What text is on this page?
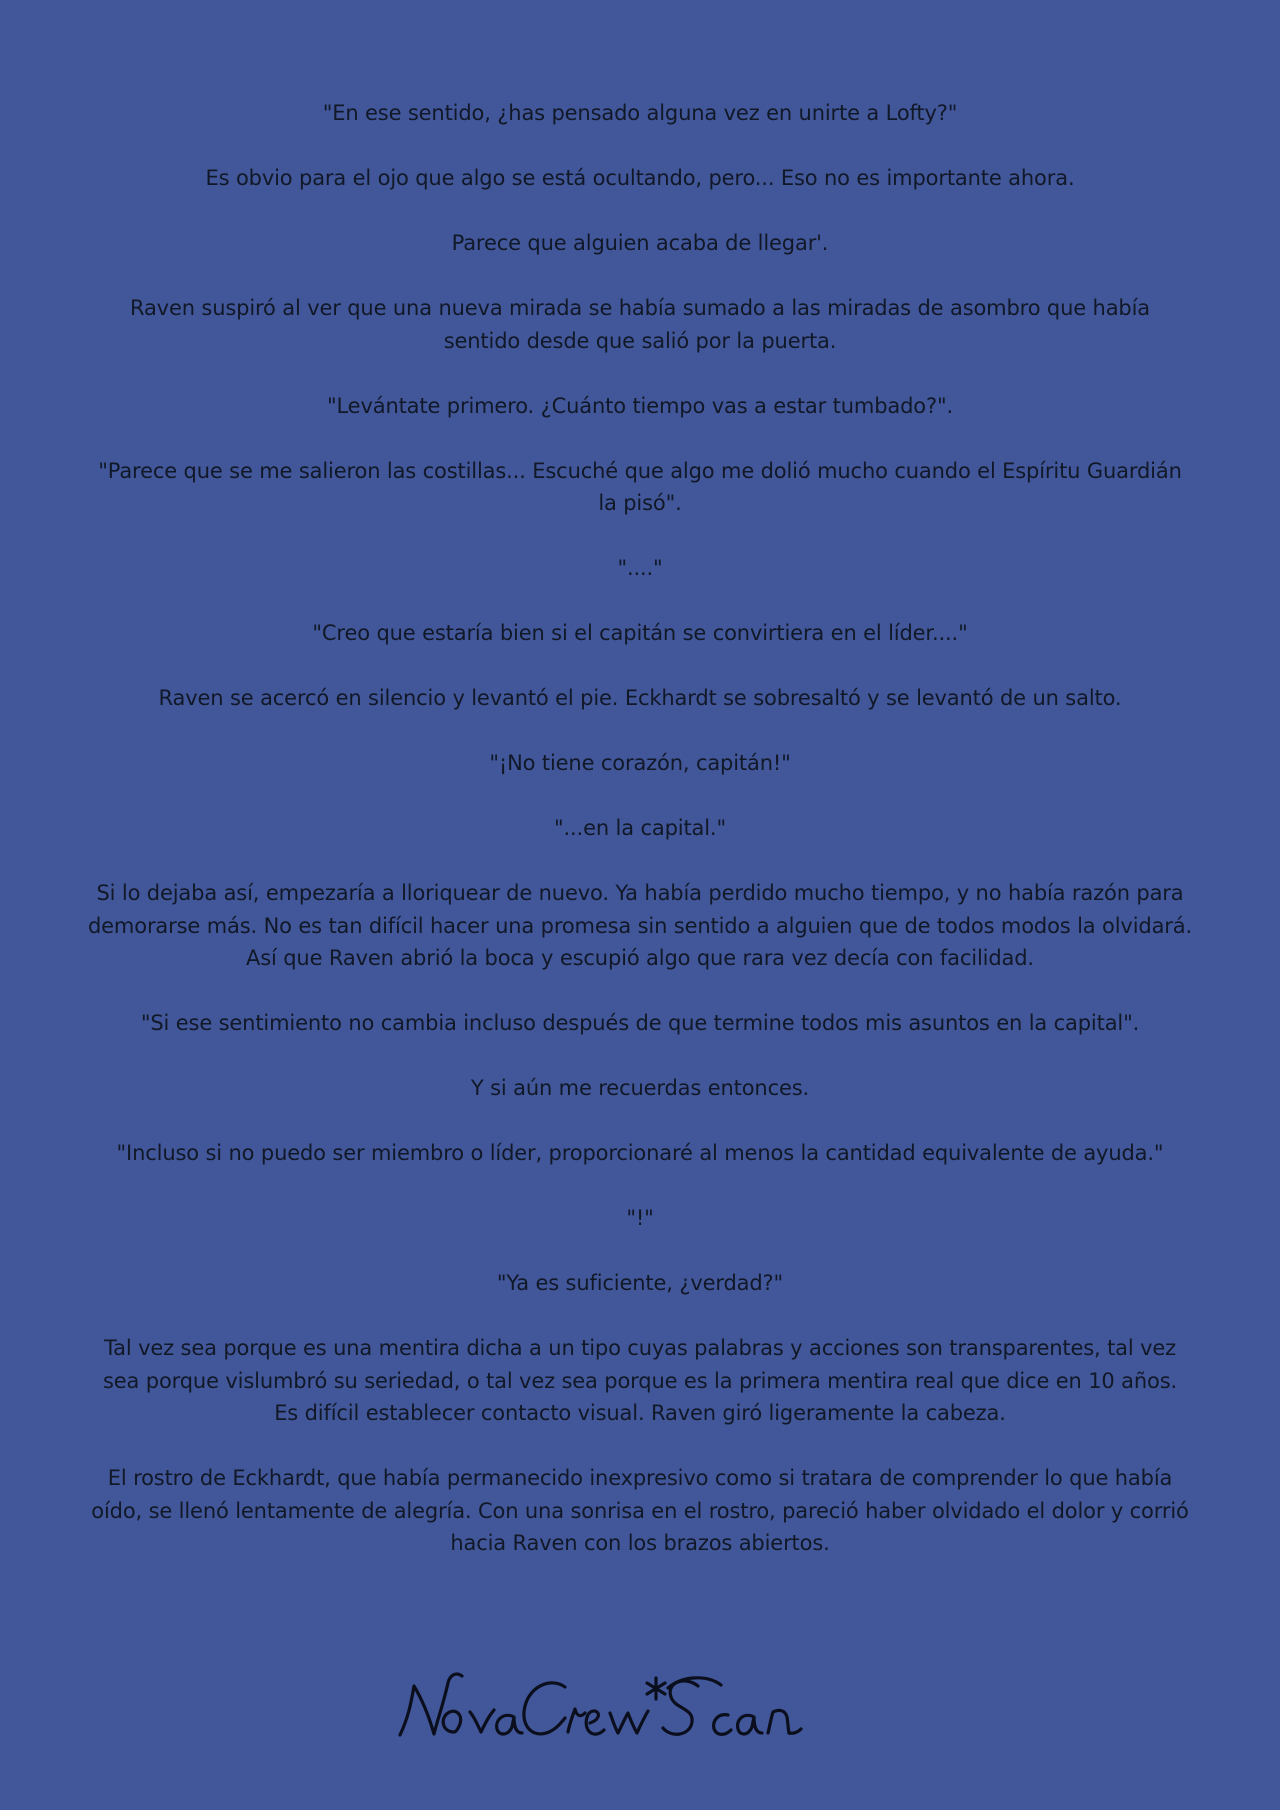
"En ese sentido, ¿has pensado alguna vez en unirte a Lofty?"

Es obvio para el ojo que algo se está ocultando, pero... Eso no es importante ahora.

Parece que alguien acaba de llegar'.

Raven suspiró al ver que una nueva mirada se había sumado a las miradas de asombro que había
sentido desde que salió por la puerta.

"Levántate primero. ¿Cuánto tiempo vas a estar tumbado?".

"Parece que se me salieron las costillas... Escuché que algo me dolió mucho cuando el Espíritu Guardián
la pisó".

"...."

"Creo que estaría bien si el capitán se convirtiera en el líder...."

Raven se acercó en silencio y levantó el pie. Eckhardt se sobresaltó y se levantó de un salto.

"¡No tiene corazón, capitán!"

"...en la capital."

Si lo dejaba así, empezaría a lloriquear de nuevo. Ya había perdido mucho tiempo, y no había razón para
demorarse más. No es tan difícil hacer una promesa sin sentido a alguien que de todos modos la olvidará.
Así que Raven abrió la boca y escupió algo que rara vez decía con facilidad.

"Si ese sentimiento no cambia incluso después de que termine todos mis asuntos en la capital".

Y si aún me recuerdas entonces.

"Incluso si no puedo ser miembro o líder, proporcionaré al menos la cantidad equivalente de ayuda."

"!"

"Ya es suficiente, ¿verdad?"

Tal vez sea porque es una mentira dicha a un tipo cuyas palabras y acciones son transparentes, tal vez
sea porque vislumbró su seriedad, o tal vez sea porque es la primera mentira real que dice en 10 años.
Es difícil establecer contacto visual. Raven giró ligeramente la cabeza.

El rostro de Eckhardt, que había permanecido inexpresivo como si tratara de comprender lo que había
oído, se llenó lentamente de alegría. Con una sonrisa en el rostro, pareció haber olvidado el dolor y corrió
hacia Raven con los brazos abiertos.
